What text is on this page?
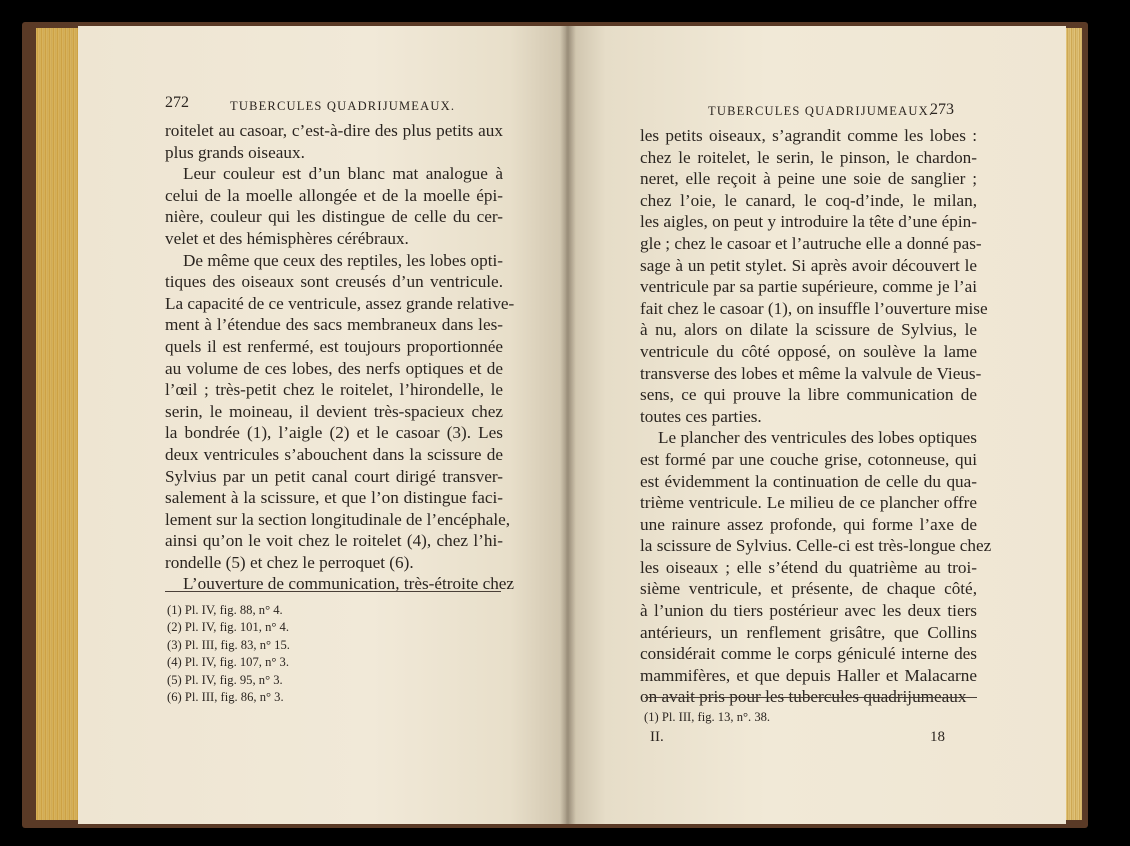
272	TUBERCULES QUADRIJUMEAUX.
roitelet au casoar, c’est-à-dire des plus petits aux
plus grands oiseaux.
Leur couleur est d’un blanc mat analogue à
celui de la moelle allongée et de la moelle épi-
nière, couleur qui les distingue de celle du cer-
velet et des hémisphères cérébraux.
De même que ceux des reptiles, les lobes opti-
tiques des oiseaux sont creusés d’un ventricule.
La capacité de ce ventricule, assez grande relative-
ment à l’étendue des sacs membraneux dans les-
quels il est renfermé, est toujours proportionnée
au volume de ces lobes, des nerfs optiques et de
l’œil ; très-petit chez le roitelet, l’hirondelle, le
serin, le moineau, il devient très-spacieux chez
la bondrée (1), l’aigle (2) et le casoar (3). Les
deux ventricules s’abouchent dans la scissure de
Sylvius par un petit canal court dirigé transver-
salement à la scissure, et que l’on distingue faci-
lement sur la section longitudinale de l’encéphale,
ainsi qu’on le voit chez le roitelet (4), chez l’hi-
rondelle (5) et chez le perroquet (6).
L’ouverture de communication, très-étroite chez
(1) Pl. IV, fig. 88, n° 4.
(2) Pl. IV, fig. 101, n° 4.
(3) Pl. III, fig. 83, n° 15.
(4) Pl. IV, fig. 107, n° 3.
(5) Pl. IV, fig. 95, n° 3.
(6) Pl. III, fig. 86, n° 3.
TUBERCULES QUADRIJUMEAUX.
273
les petits oiseaux, s’agrandit comme les lobes :
chez le roitelet, le serin, le pinson, le chardon-
neret, elle reçoit à peine une soie de sanglier ;
chez l’oie, le canard, le coq-d’inde, le milan,
les aigles, on peut y introduire la tête d’une épin-
gle ; chez le casoar et l’autruche elle a donné pas-
sage à un petit stylet. Si après avoir découvert le
ventricule par sa partie supérieure, comme je l’ai
fait chez le casoar (1), on insuffle l’ouverture mise
à nu, alors on dilate la scissure de Sylvius, le
ventricule du côté opposé, on soulève la lame
transverse des lobes et même la valvule de Vieus-
sens, ce qui prouve la libre communication de
toutes ces parties.
Le plancher des ventricules des lobes optiques
est formé par une couche grise, cotonneuse, qui
est évidemment la continuation de celle du qua-
trième ventricule. Le milieu de ce plancher offre
une rainure assez profonde, qui forme l’axe de
la scissure de Sylvius. Celle-ci est très-longue chez
les oiseaux ; elle s’étend du quatrième au troi-
sième ventricule, et présente, de chaque côté,
à l’union du tiers postérieur avec les deux tiers
antérieurs, un renflement grisâtre, que Collins
considérait comme le corps géniculé interne des
mammifères, et que depuis Haller et Malacarne
on avait pris pour les tubercules quadrijumeaux
(1) Pl. III, fig. 13, n°. 38.
II.	18
